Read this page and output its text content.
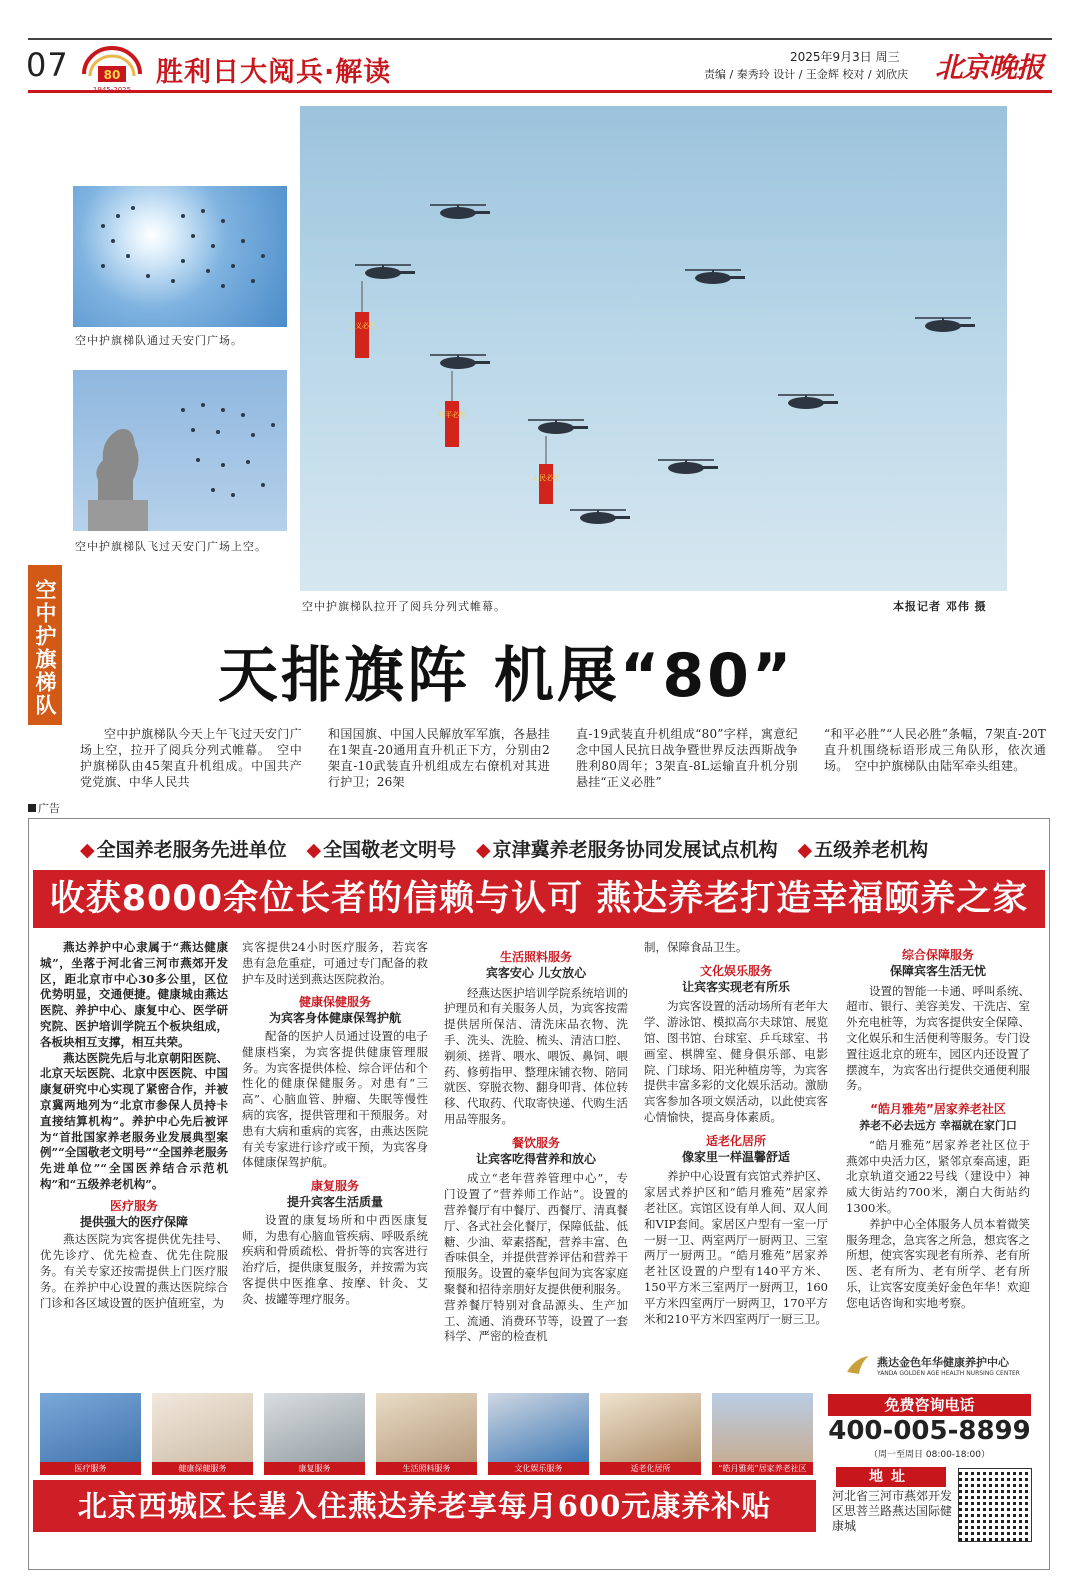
07	80 胜利日大阅兵·解读	2025年9月3日 周三
责编 / 秦秀玲 设计 / 王金辉 校对 / 刘欣庆 北京晚报
空中护旗梯队通过天安门广场。
空中护旗梯队飞过天安门广场上空。
正义必胜
和平必胜
人民必胜
空中护旗梯队拉开了阅兵分列式帷幕。	本报记者 邓伟 摄
空中护旗梯队	天排旗阵 机展“80”
空中护旗梯队今天上午飞过天安门广场上空，拉开了阅兵分列式帷幕。　空中护旗梯队由45架直升机组成。中国共产党党旗、中华人民共
和国国旗、中国人民解放军军旗，各悬挂在1架直-20通用直升机正下方，分别由2架直-10武装直升机组成左右僚机对其进行护卫；26架
直-19武装直升机组成“80”字样，寓意纪念中国人民抗日战争暨世界反法西斯战争胜利80周年；3架直-8L运输直升机分别悬挂“正义必胜”
“和平必胜”“人民必胜”条幅，7架直-20T直升机围绕标语形成三角队形，依次通场。　空中护旗梯队由陆军牵头组建。
广告
◆ 全国养老服务先进单位 ◆ 全国敬老文明号 ◆ 京津冀养老服务协同发展试点机构 ◆ 五级养老机构
收获8000余位长者的信赖与认可 燕达养老打造幸福颐养之家

燕达养护中心隶属于“燕达健康城”，坐落于河北省三河市燕郊开发区，距北京市中心30多公里，区位优势明显，交通便捷。健康城由燕达医院、养护中心、康复中心、医学研究院、医护培训学院五个板块组成，各板块相互支撑，相互共荣。

燕达医院先后与北京朝阳医院、北京天坛医院、北京中医医院、中国康复研究中心实现了紧密合作，并被京冀两地列为“北京市参保人员持卡直接结算机构”。养护中心先后被评为“首批国家养老服务业发展典型案例”“全国敬老文明号”“全国养老服务先进单位”“全国医养结合示范机构”和“五级养老机构”。

医疗服务
提供强大的医疗保障

燕达医院为宾客提供优先挂号、优先诊疗、优先检查、优先住院服务。有关专家还按需提供上门医疗服务。在养护中心设置的燕达医院综合门诊和各区域设置的医护值班室，为

宾客提供24小时医疗服务，若宾客患有急危重症，可通过专门配备的救护车及时送到燕达医院救治。
健康保健服务
为宾客身体健康保驾护航

配备的医护人员通过设置的电子健康档案，为宾客提供健康管理服务。为宾客提供体检、综合评估和个性化的健康保健服务。对患有“三高”、心脑血管、肿瘤、失眠等慢性病的宾客，提供管理和干预服务。对患有大病和重病的宾客，由燕达医院有关专家进行诊疗或干预，为宾客身体健康保驾护航。

康复服务
提升宾客生活质量

设置的康复场所和中西医康复师，为患有心脑血管疾病、呼吸系统疾病和骨质疏松、骨折等的宾客进行治疗后，提供康复服务，并按需为宾客提供中医推拿、按摩、针灸、艾灸、拔罐等理疗服务。

生活照料服务
宾客安心 儿女放心

经燕达医护培训学院系统培训的护理员和有关服务人员，为宾客按需提供居所保洁、清洗床品衣物、洗手、洗头、洗脸、梳头、清洁口腔、剃须、搓背、喂水、喂饭、鼻饲、喂药、修剪指甲、整理床铺衣物、陪同就医、穿脱衣物、翻身叩背、体位转移、代取药、代取寄快递、代购生活用品等服务。

餐饮服务
让宾客吃得营养和放心

成立“老年营养管理中心”，专门设置了“营养师工作站”。设置的营养餐厅有中餐厅、西餐厅、清真餐厅、各式社会化餐厅，保障低盐、低糖、少油、荤素搭配，营养丰富、色香味俱全，并提供营养评估和营养干预服务。设置的豪华包间为宾客家庭聚餐和招待亲朋好友提供便利服务。营养餐厅特别对食品源头、生产加工、流通、消费环节等，设置了一套科学、严密的检查机

制，保障食品卫生。
文化娱乐服务
让宾客实现老有所乐

为宾客设置的活动场所有老年大学、游泳馆、模拟高尔夫球馆、展览馆、图书馆、台球室、乒乓球室、书画室、棋牌室、健身俱乐部、电影院、门球场、阳光种植房等，为宾客提供丰富多彩的文化娱乐活动。激励宾客参加各项文娱活动，以此使宾客心情愉快，提高身体素质。

适老化居所
像家里一样温馨舒适

养护中心设置有宾馆式养护区、家居式养护区和“皓月雅苑”居家养老社区。宾馆区设有单人间、双人间和VIP套间。家居区户型有一室一厅一厨一卫、两室两厅一厨两卫、三室两厅一厨两卫。“皓月雅苑”居家养老社区设置的户型有140平方米、150平方米三室两厅一厨两卫，160平方米四室两厅一厨两卫，170平方米和210平方米四室两厅一厨三卫。

综合保障服务
保障宾客生活无忧

设置的智能一卡通、呼叫系统、超市、银行、美容美发、干洗店、室外充电桩等，为宾客提供安全保障、文化娱乐和生活便利等服务。专门设置往返北京的班车，园区内还设置了摆渡车，为宾客出行提供交通便利服务。

“皓月雅苑”居家养老社区
养老不必去远方 幸福就在家门口

“皓月雅苑”居家养老社区位于燕郊中央活力区，紧邻京秦高速，距北京轨道交通22号线（建设中）神威大街站约700米，潮白大街站约1300米。

养护中心全体服务人员本着微笑服务理念，急宾客之所急，想宾客之所想，使宾客实现老有所养、老有所医、老有所为、老有所学、老有所乐，让宾客安度美好金色年华！欢迎您电话咨询和实地考察。

燕达金色年华健康养护中心
YANDA GOLDEN AGE HEALTH NURSING CENTER
医疗服务	健康保健服务	康复服务	生活照料服务	文化娱乐服务	适老化居所	“皓月雅苑”居家养老社区
免费咨询电话
400-005-8899
（周一至周日 08:00-18:00）
地址
河北省三河市燕郊开发区思菩兰路燕达国际健康城
北京西城区长辈入住燕达养老享每月600元康养补贴
